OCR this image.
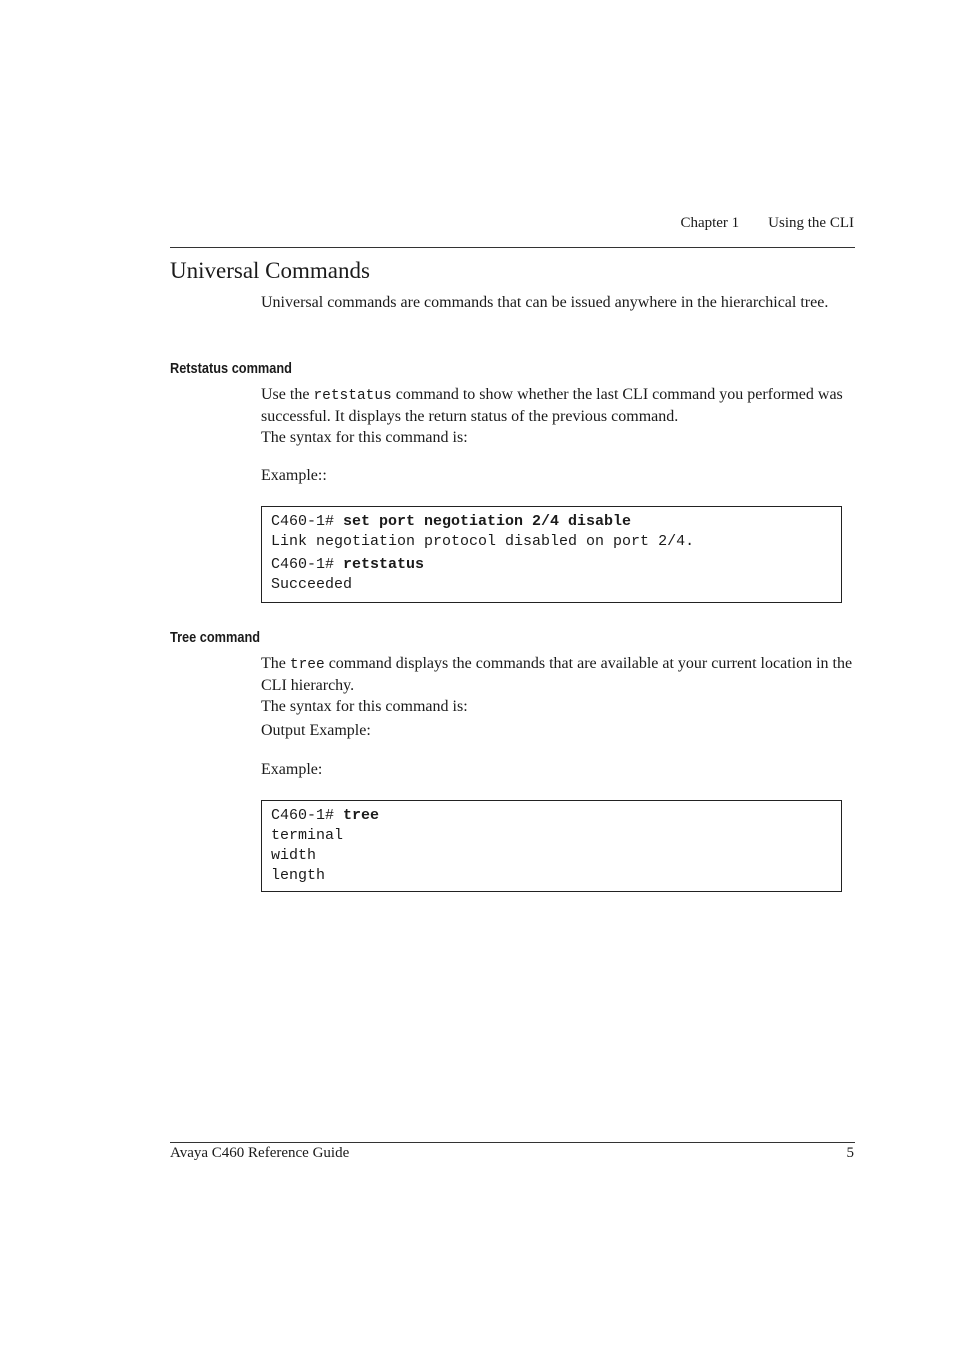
Chapter 1 Using the CLI
Universal Commands

Universal commands are commands that can be issued anywhere in the hierarchical tree.

Retstatus command

Use the retstatus command to show whether the last CLI command you performed was successful. It displays the return status of the previous command.

The syntax for this command is:

Example::

C460-1# set port negotiation 2/4 disable
Link negotiation protocol disabled on port 2/4.
C460-1# retstatus
Succeeded
Tree command

The tree command displays the commands that are available at your current location in the CLI hierarchy.

The syntax for this command is:

Output Example:

Example:

C460-1# tree
terminal
width
length
Avaya C460 Reference Guide	5
